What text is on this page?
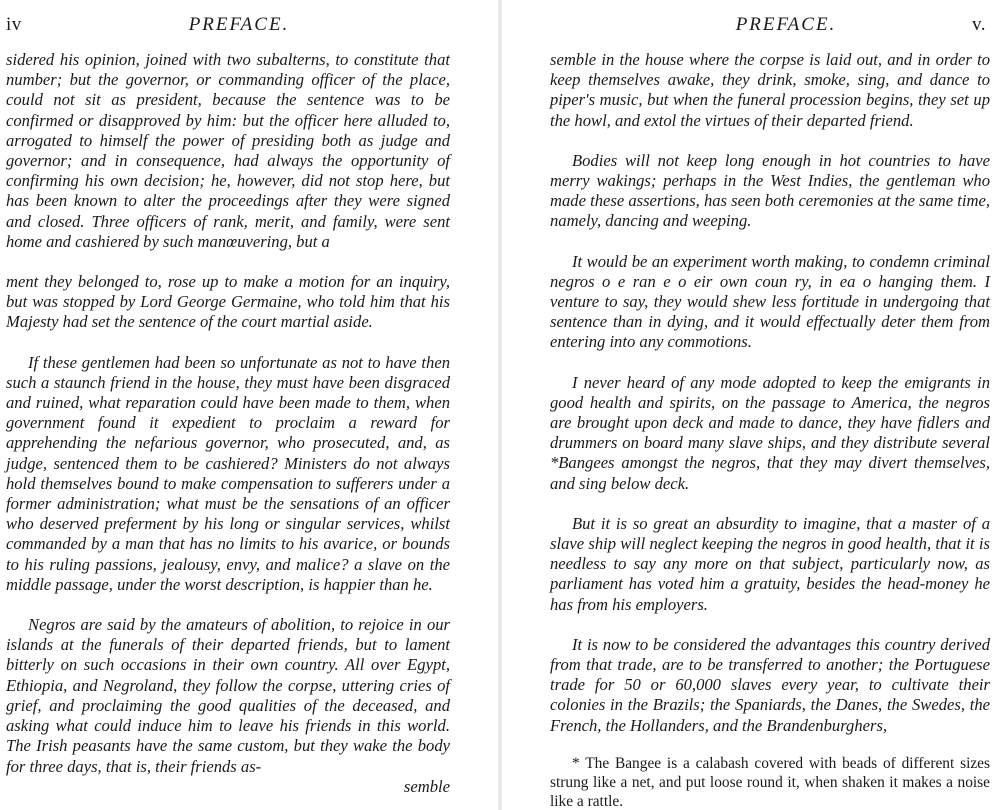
iv	PREFACE.

sidered his opinion, joined with two subalterns, to constitute that number; but the governor, or commanding officer of the place, could not sit as president, because the sentence was to be confirmed or disapproved by him: but the officer here alluded to, arrogated to himself the power of presiding both as judge and governor; and in consequence, had always the opportunity of confirming his own decision; he, however, did not stop here, but has been known to alter the proceedings after they were signed and closed. Three officers of rank, merit, and family, were sent home and cashiered by such manœuvering, but a

ment they belonged to, rose up to make a motion for an inquiry, but was stopped by Lord George Germaine, who told him that his Majesty had set the sentence of the court martial aside.

If these gentlemen had been so unfortunate as not to have then such a staunch friend in the house, they must have been disgraced and ruined, what reparation could have been made to them, when government found it expedient to proclaim a reward for apprehending the nefarious governor, who prosecuted, and, as judge, sentenced them to be cashiered? Ministers do not always hold themselves bound to make compensation to sufferers under a former administration; what must be the sensations of an officer who deserved preferment by his long or singular services, whilst commanded by a man that has no limits to his avarice, or bounds to his ruling passions, jealousy, envy, and malice? a slave on the middle passage, under the worst description, is happier than he.

Negros are said by the amateurs of abolition, to rejoice in our islands at the funerals of their departed friends, but to lament bitterly on such occasions in their own country. All over Egypt, Ethiopia, and Negroland, they follow the corpse, uttering cries of grief, and proclaiming the good qualities of the deceased, and asking what could induce him to leave his friends in this world. The Irish peasants have the same custom, but they wake the body for three days, that is, their friends as-

semble
PREFACE.	v.

semble in the house where the corpse is laid out, and in order to keep themselves awake, they drink, smoke, sing, and dance to piper's music, but when the funeral procession begins, they set up the howl, and extol the virtues of their departed friend.

Bodies will not keep long enough in hot countries to have merry wakings; perhaps in the West Indies, the gentleman who made these assertions, has seen both ceremonies at the same time, namely, dancing and weeping.

It would be an experiment worth making, to condemn criminal negros o e ran e o eir own coun ry, in ea o hanging them. I venture to say, they would shew less fortitude in undergoing that sentence than in dying, and it would effectually deter them from entering into any commotions.

I never heard of any mode adopted to keep the emigrants in good health and spirits, on the passage to America, the negros are brought upon deck and made to dance, they have fidlers and drummers on board many slave ships, and they distribute several *Bangees amongst the negros, that they may divert themselves, and sing below deck.

But it is so great an absurdity to imagine, that a master of a slave ship will neglect keeping the negros in good health, that it is needless to say any more on that subject, particularly now, as parliament has voted him a gratuity, besides the head-money he has from his employers.

It is now to be considered the advantages this country derived from that trade, are to be transferred to another; the Portuguese trade for 50 or 60,000 slaves every year, to cultivate their colonies in the Brazils; the Spaniards, the Danes, the Swedes, the French, the Hollanders, and the Brandenburghers,

* The Bangee is a calabash covered with beads of different sizes strung like a net, and put loose round it, when shaken it makes a noise like a rattle.
